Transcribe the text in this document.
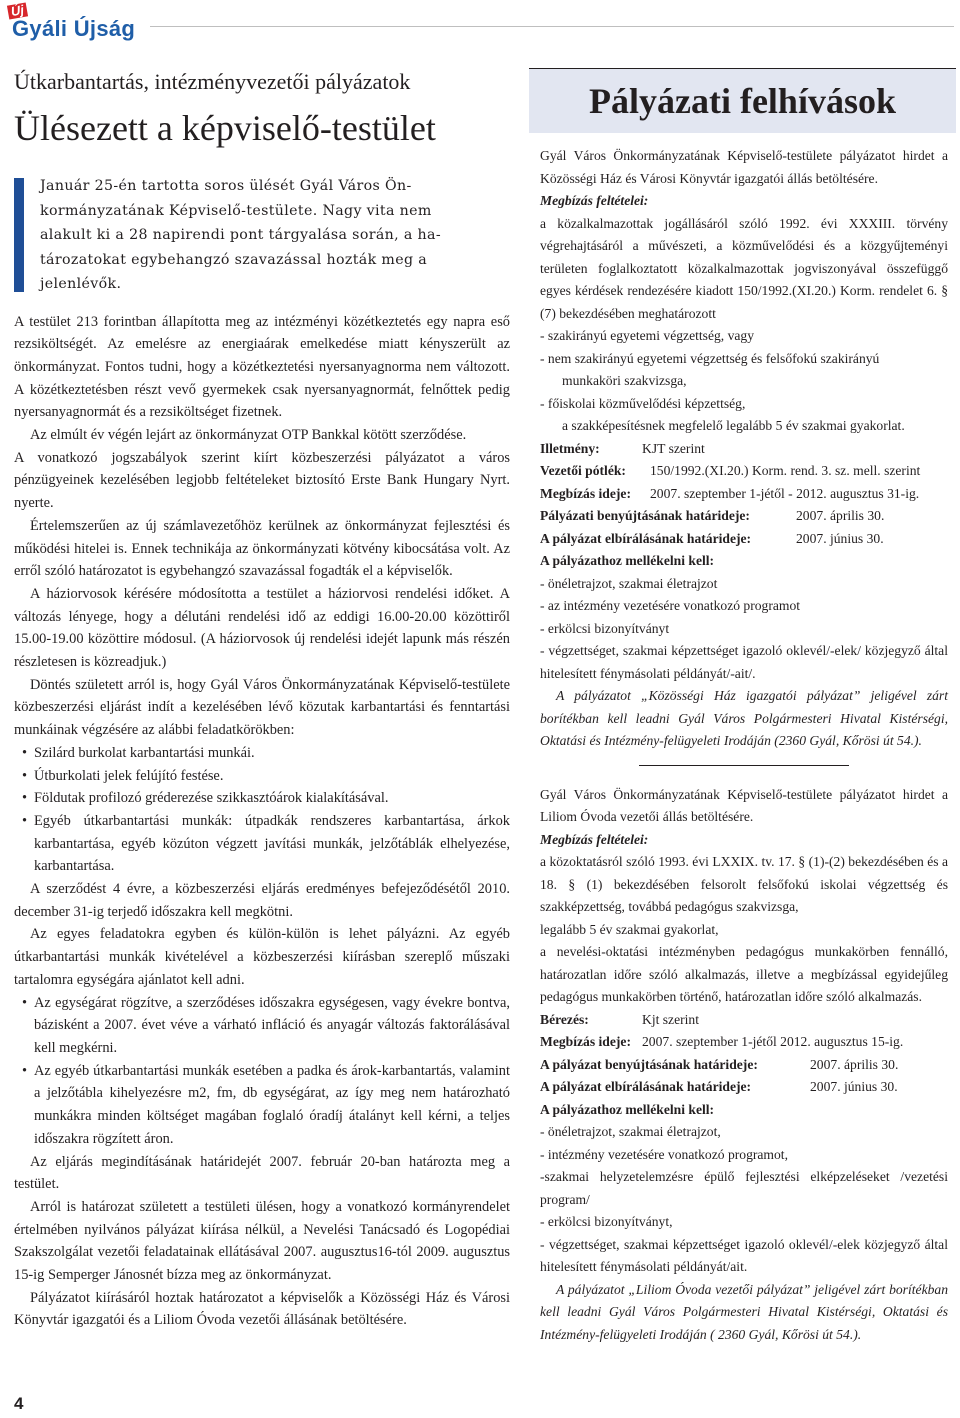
Új
Gyáli Újság

Útkarbantartás, intézményvezetői pályázatok

Ülésezett a képviselő-testület

Január 25-én tartotta soros ülését Gyál Város Ön-
kormányzatának Képviselő-testülete. Nagy vita nem
alakult ki a 28 napirendi pont tárgyalása során, a ha-
tározatokat egybehangzó szavazással hozták meg a
jelenlévők.

A testület 213 forintban állapította meg az intézményi közétkeztetés egy napra eső rezsiköltségét. Az emelésre az energiaárak emelkedése miatt kényszerült az önkormányzat. Fontos tudni, hogy a közétkeztetési nyersanyagnorma nem változott. A közétkeztetésben részt vevő gyermekek csak nyersanyagnormát, felnőttek pedig nyersanyagnormát és a rezsiköltséget fizetnek.

Az elmúlt év végén lejárt az önkormányzat OTP Bankkal kötött szerződése.

A vonatkozó jogszabályok szerint kiírt közbeszerzési pályázatot a város pénzügyeinek kezelésében legjobb feltételeket biztosító Erste Bank Hungary Nyrt. nyerte.

Értelemszerűen az új számlavezetőhöz kerülnek az önkormányzat fejlesztési és működési hitelei is. Ennek technikája az önkormányzati kötvény kibocsátása volt. Az erről szóló határozatot is egybehangzó szavazással fogadták el a képviselők.

A háziorvosok kérésére módosította a testület a háziorvosi rendelési időket. A változás lényege, hogy a délutáni rendelési idő az eddigi 16.00-20.00 közöttiről 15.00-19.00 közöttire módosul. (A háziorvosok új rendelési idejét lapunk más részén részletesen is közreadjuk.)

Döntés született arról is, hogy Gyál Város Önkormányzatának Képviselő-testülete közbeszerzési eljárást indít a kezelésében lévő közutak karbantartási és fenntartási munkáinak végzésére az alábbi feladatkörökben:

• Szilárd burkolat karbantartási munkái.
• Útburkolati jelek felújító festése.
• Földutak profilozó gréderezése szikkasztóárok kialakításával.
• Egyéb útkarbantartási munkák: útpadkák rendszeres karbantartása, árkok karbantartása, egyéb közúton végzett javítási munkák, jelzőtáblák elhelyezése, karbantartása.

A szerződést 4 évre, a közbeszerzési eljárás eredményes befejeződésétől 2010. december 31-ig terjedő időszakra kell megkötni.

Az egyes feladatokra egyben és külön-külön is lehet pályázni. Az egyéb útkarbantartási munkák kivételével a közbeszerzési kiírásban szereplő műszaki tartalomra egységára ajánlatot kell adni.

• Az egységárat rögzítve, a szerződéses időszakra egységesen, vagy évekre bontva, bázisként a 2007. évet véve a várható infláció és anyagár változás faktorálásával kell megkérni.
• Az egyéb útkarbantartási munkák esetében a padka és árok-karbantartás, valamint a jelzőtábla kihelyezésre m2, fm, db egységárat, az így meg nem határozható munkákra minden költséget magában foglaló óradíj átalányt kell kérni, a teljes időszakra rögzített áron.

Az eljárás megindításának határidejét 2007. február 20-ban határozta meg a testület.

Arról is határozat született a testületi ülésen, hogy a vonatkozó kormányrendelet értelmében nyilvános pályázat kiírása nélkül, a Nevelési Tanácsadó és Logopédiai Szakszolgálat vezetői feladatainak ellátásával 2007. augusztus16-tól 2009. augusztus 15-ig Semperger Jánosnét bízza meg az önkormányzat.

Pályázatot kiírásáról hoztak határozatot a képviselők a Közösségi Ház és Városi Könyvtár igazgatói és a Liliom Óvoda vezetői állásának betöltésére.

4
Pályázati felhívások

Gyál Város Önkormányzatának Képviselő-testülete pályázatot hirdet a Közösségi Ház és Városi Könyvtár igazgatói állás betöltésére.

Megbízás feltételei:

a közalkalmazottak jogállásáról szóló 1992. évi XXXIII. törvény végrehajtásáról a művészeti, a közművelődési és a közgyűjteményi területen foglalkoztatott közalkalmazottak jogviszonyával összefüggő egyes kérdések rendezésére kiadott 150/1992.(XI.20.) Korm. rendelet 6. § (7) bekezdésében meghatározott

- szakirányú egyetemi végzettség, vagy

- nem szakirányú egyetemi végzettség és felsőfokú szakirányú

munkaköri szakvizsga,

- főiskolai közművelődési képzettség,

a szakképesítésnek megfelelő legalább 5 év szakmai gyakorlat.

Illetmény:	KJT szerint

Vezetői pótlék: 150/1992.(XI.20.) Korm. rend. 3. sz. mell. szerint

Megbízás ideje: 2007. szeptember 1-jétől - 2012. augusztus 31-ig.

Pályázati benyújtásának határideje:	2007. április 30.

A pályázat elbírálásának határideje:	2007. június 30.

A pályázathoz mellékelni kell:

- önéletrajzot, szakmai életrajzot

- az intézmény vezetésére vonatkozó programot

- erkölcsi bizonyítványt

- végzettséget, szakmai képzettséget igazoló oklevél/-elek/ közjegyző által hitelesített fénymásolati példányát/-ait/.

A pályázatot „Közösségi Ház igazgatói pályázat” jeligével zárt borítékban kell leadni Gyál Város Polgármesteri Hivatal Kistérségi, Oktatási és Intézmény-felügyeleti Irodáján (2360 Gyál, Kőrösi út 54.).

Gyál Város Önkormányzatának Képviselő-testülete pályázatot hirdet a Liliom Óvoda vezetői állás betöltésére.

Megbízás feltételei:

a közoktatásról szóló 1993. évi LXXIX. tv. 17. § (1)-(2) bekezdésében és a 18. § (1) bekezdésében felsorolt felsőfokú iskolai végzettség és szakképzettség, továbbá pedagógus szakvizsga,

legalább 5 év szakmai gyakorlat,

a nevelési-oktatási intézményben pedagógus munkakörben fennálló, határozatlan időre szóló alkalmazás, illetve a megbízással egyidejűleg pedagógus munkakörben történő, határozatlan időre szóló alkalmazás.

Bérezés:	Kjt szerint

Megbízás ideje: 2007. szeptember 1-jétől 2012. augusztus 15-ig.

A pályázat benyújtásának határideje:	2007. április 30.

A pályázat elbírálásának határideje:	2007. június 30.

A pályázathoz mellékelni kell:

- önéletrajzot, szakmai életrajzot,

- intézmény vezetésére vonatkozó programot,

-szakmai helyzetelemzésre épülő fejlesztési elképzeléseket /vezetési program/

- erkölcsi bizonyítványt,

- végzettséget, szakmai képzettséget igazoló oklevél/-elek közjegyző által hitelesített fénymásolati példányát/ait.

A pályázatot „Liliom Óvoda vezetői pályázat” jeligével zárt borítékban kell leadni Gyál Város Polgármesteri Hivatal Kistérségi, Oktatási és Intézmény-felügyeleti Irodáján ( 2360 Gyál, Kőrösi út 54.).
